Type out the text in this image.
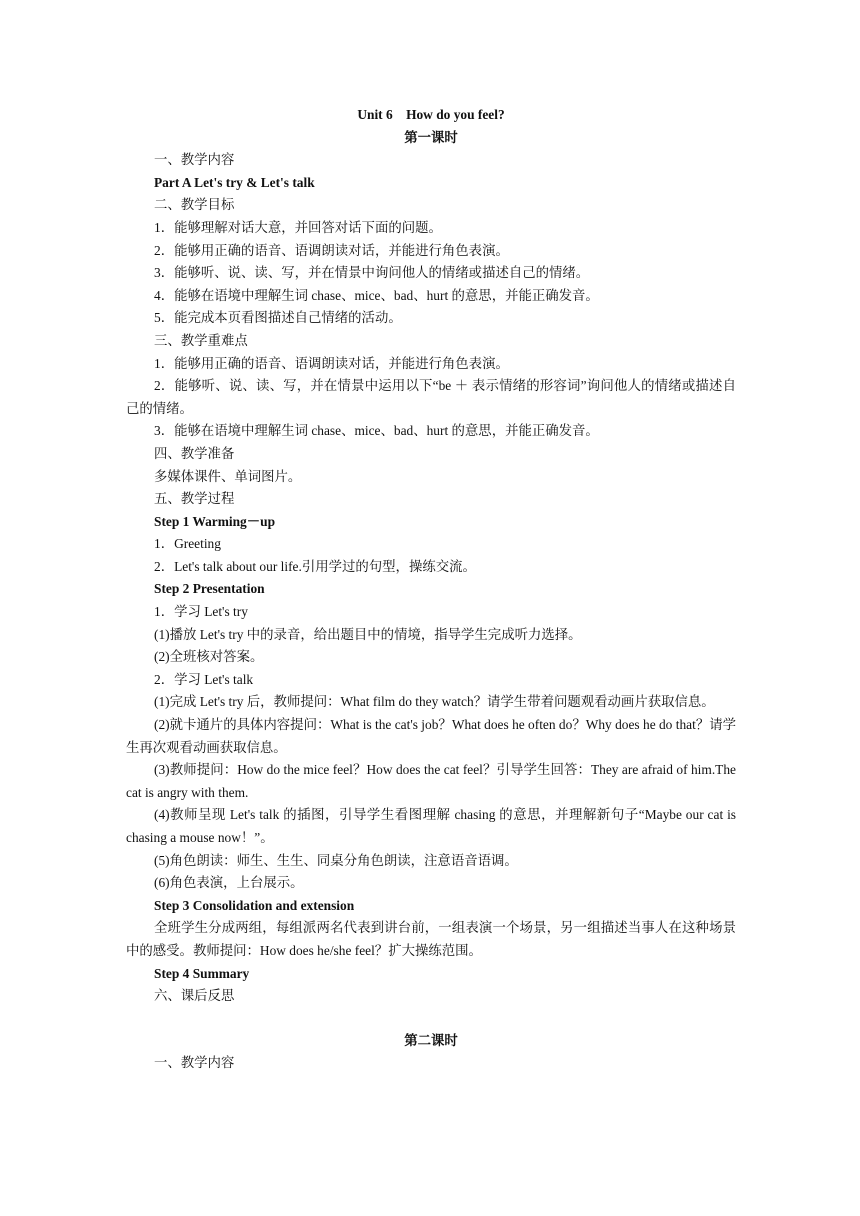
Unit 6　How do you feel?

第一课时

一、教学内容

Part A Let's try & Let's talk

二、教学目标

1．能够理解对话大意，并回答对话下面的问题。

2．能够用正确的语音、语调朗读对话，并能进行角色表演。

3．能够听、说、读、写，并在情景中询问他人的情绪或描述自己的情绪。

4．能够在语境中理解生词 chase、mice、bad、hurt 的意思，并能正确发音。

5．能完成本页看图描述自己情绪的活动。

三、教学重难点

1．能够用正确的语音、语调朗读对话，并能进行角色表演。

2．能够听、说、读、写，并在情景中运用以下“be ＋ 表示情绪的形容词”询问他人的情绪或描述自己的情绪。

3．能够在语境中理解生词 chase、mice、bad、hurt 的意思，并能正确发音。

四、教学准备

多媒体课件、单词图片。

五、教学过程

Step 1 Warming－up

1．Greeting

2．Let's talk about our life.引用学过的句型，操练交流。

Step 2 Presentation

1．学习 Let's try

(1)播放 Let's try 中的录音，给出题目中的情境，指导学生完成听力选择。

(2)全班核对答案。

2．学习 Let's talk

(1)完成 Let's try 后，教师提问：What film do they watch？请学生带着问题观看动画片获取信息。

(2)就卡通片的具体内容提问：What is the cat's job？What does he often do？Why does he do that？请学生再次观看动画获取信息。

(3)教师提问：How do the mice feel？How does the cat feel？引导学生回答：They are afraid of him.The cat is angry with them.

(4)教师呈现 Let's talk 的插图，引导学生看图理解 chasing 的意思，并理解新句子“Maybe our cat is chasing a mouse now！”。

(5)角色朗读：师生、生生、同桌分角色朗读，注意语音语调。

(6)角色表演，上台展示。

Step 3 Consolidation and extension

全班学生分成两组，每组派两名代表到讲台前，一组表演一个场景，另一组描述当事人在这种场景中的感受。教师提问：How does he/she feel？扩大操练范围。

Step 4 Summary

六、课后反思

第二课时

一、教学内容
